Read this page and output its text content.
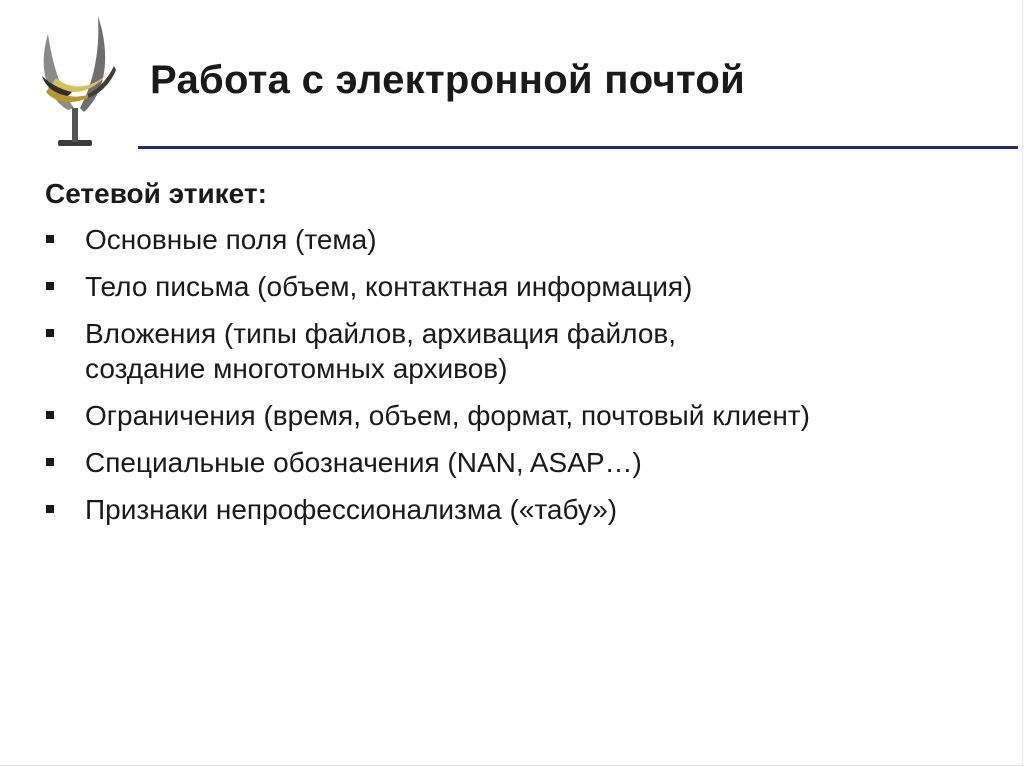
Работа с электронной почтой
Сетевой этикет:
Основные поля (тема)
Тело письма (объем, контактная информация)
Вложения (типы файлов, архивация файлов,
создание многотомных архивов)
Ограничения (время, объем, формат, почтовый клиент)
Специальные обозначения (NAN, ASAP…)
Признаки непрофессионализма («табу»)
